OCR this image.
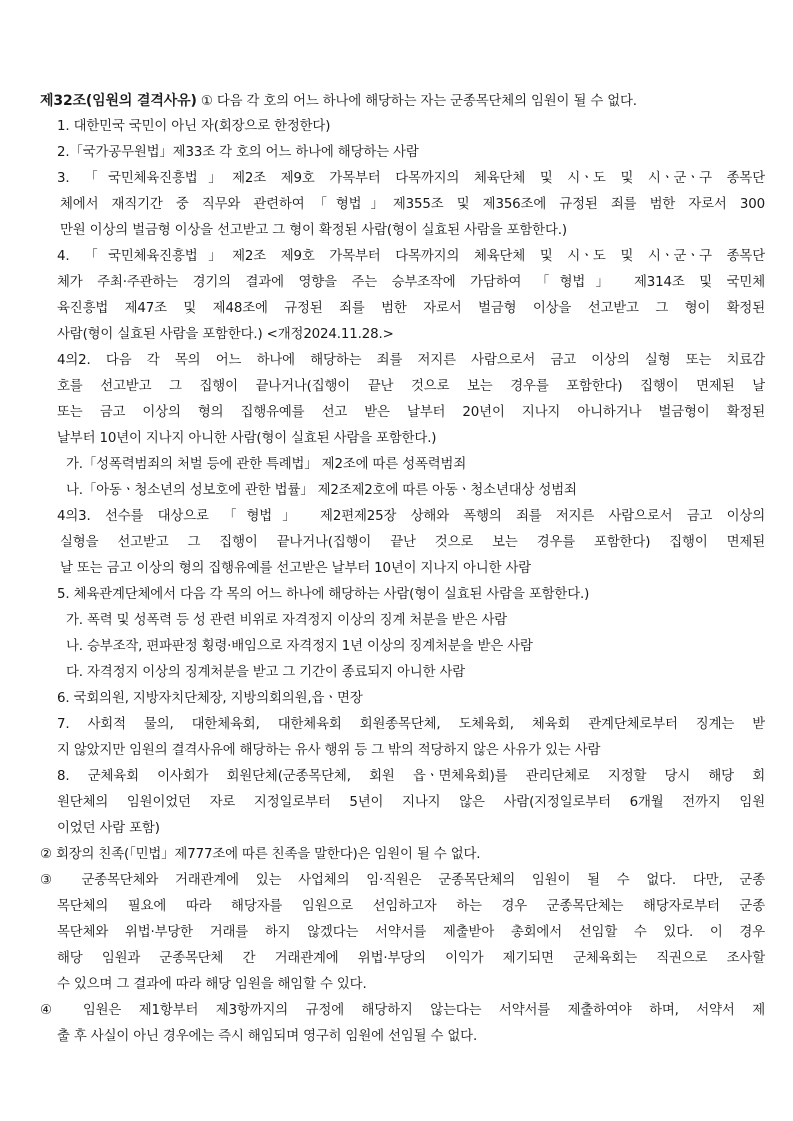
제32조(임원의 결격사유) ① 다음 각 호의 어느 하나에 해당하는 자는 군종목단체의 임원이 될 수 없다.
1. 대한민국 국민이 아닌 자(회장으로 한정한다)
2.「국가공무원법」제33조 각 호의 어느 하나에 해당하는 사람
3. 「국민체육진흥법」제2조 제9호 가목부터 다목까지의 체육단체 및 시ㆍ도 및 시ㆍ군ㆍ구 종목단
체에서 재직기간 중 직무와 관련하여「형법」제355조 및 제356조에 규정된 죄를 범한 자로서 300
만원 이상의 벌금형 이상을 선고받고 그 형이 확정된 사람(형이 실효된 사람을 포함한다.)
4. 「국민체육진흥법」제2조 제9호 가목부터 다목까지의 체육단체 및 시ㆍ도 및 시ㆍ군ㆍ구 종목단
체가 주최·주관하는 경기의 결과에 영향을 주는 승부조작에 가담하여 「형법」 제314조 및 국민체
육진흥법 제47조 및 제48조에 규정된 죄를 범한 자로서 벌금형 이상을 선고받고 그 형이 확정된
사람(형이 실효된 사람을 포함한다.) <개정2024.11.28.>
4의2. 다음 각 목의 어느 하나에 해당하는 죄를 저지른 사람으로서 금고 이상의 실형 또는 치료감
호를 선고받고 그 집행이 끝나거나(집행이 끝난 것으로 보는 경우를 포함한다) 집행이 면제된 날
또는 금고 이상의 형의 집행유예를 선고 받은 날부터 20년이 지나지 아니하거나 벌금형이 확정된
날부터 10년이 지나지 아니한 사람(형이 실효된 사람을 포함한다.)
가.「성폭력범죄의 처벌 등에 관한 특례법」 제2조에 따른 성폭력범죄
나.「아동ㆍ청소년의 성보호에 관한 법률」 제2조제2호에 따른 아동ㆍ청소년대상 성범죄
4의3. 선수를 대상으로 「형법」 제2편제25장 상해와 폭행의 죄를 저지른 사람으로서 금고 이상의
실형을 선고받고 그 집행이 끝나거나(집행이 끝난 것으로 보는 경우를 포함한다) 집행이 면제된
날 또는 금고 이상의 형의 집행유예를 선고받은 날부터 10년이 지나지 아니한 사람
5. 체육관계단체에서 다음 각 목의 어느 하나에 해당하는 사람(형이 실효된 사람을 포함한다.)
가. 폭력 및 성폭력 등 성 관련 비위로 자격정지 이상의 징계 처분을 받은 사람
나. 승부조작, 편파판정 횡령·배임으로 자격정지 1년 이상의 징계처분을 받은 사람
다. 자격정지 이상의 징계처분을 받고 그 기간이 종료되지 아니한 사람
6. 국회의원, 지방자치단체장, 지방의회의원,읍ㆍ면장
7. 사회적 물의, 대한체육회, 대한체육회 회원종목단체, 도체육회, 체육회 관계단체로부터 징계는 받
지 않았지만 임원의 결격사유에 해당하는 유사 행위 등 그 밖의 적당하지 않은 사유가 있는 사람
8. 군체육회 이사회가 회원단체(군종목단체, 회원 읍ㆍ면체육회)를 관리단체로 지정할 당시 해당 회
원단체의 임원이었던 자로 지정일로부터 5년이 지나지 않은 사람(지정일로부터 6개월 전까지 임원
이었던 사람 포함)
② 회장의 친족(「민법」제777조에 따른 친족을 말한다)은 임원이 될 수 없다.
③ 군종목단체와 거래관계에 있는 사업체의 임·직원은 군종목단체의 임원이 될 수 없다. 다만, 군종
목단체의 필요에 따라 해당자를 임원으로 선임하고자 하는 경우 군종목단체는 해당자로부터 군종
목단체와 위법·부당한 거래를 하지 않겠다는 서약서를 제출받아 총회에서 선임할 수 있다. 이 경우
해당 임원과 군종목단체 간 거래관계에 위법·부당의 이익가 제기되면 군체육회는 직권으로 조사할
수 있으며 그 결과에 따라 해당 임원을 해임할 수 있다.
④ 임원은 제1항부터 제3항까지의 규정에 해당하지 않는다는 서약서를 제출하여야 하며, 서약서 제
출 후 사실이 아닌 경우에는 즉시 해임되며 영구히 임원에 선임될 수 없다.
